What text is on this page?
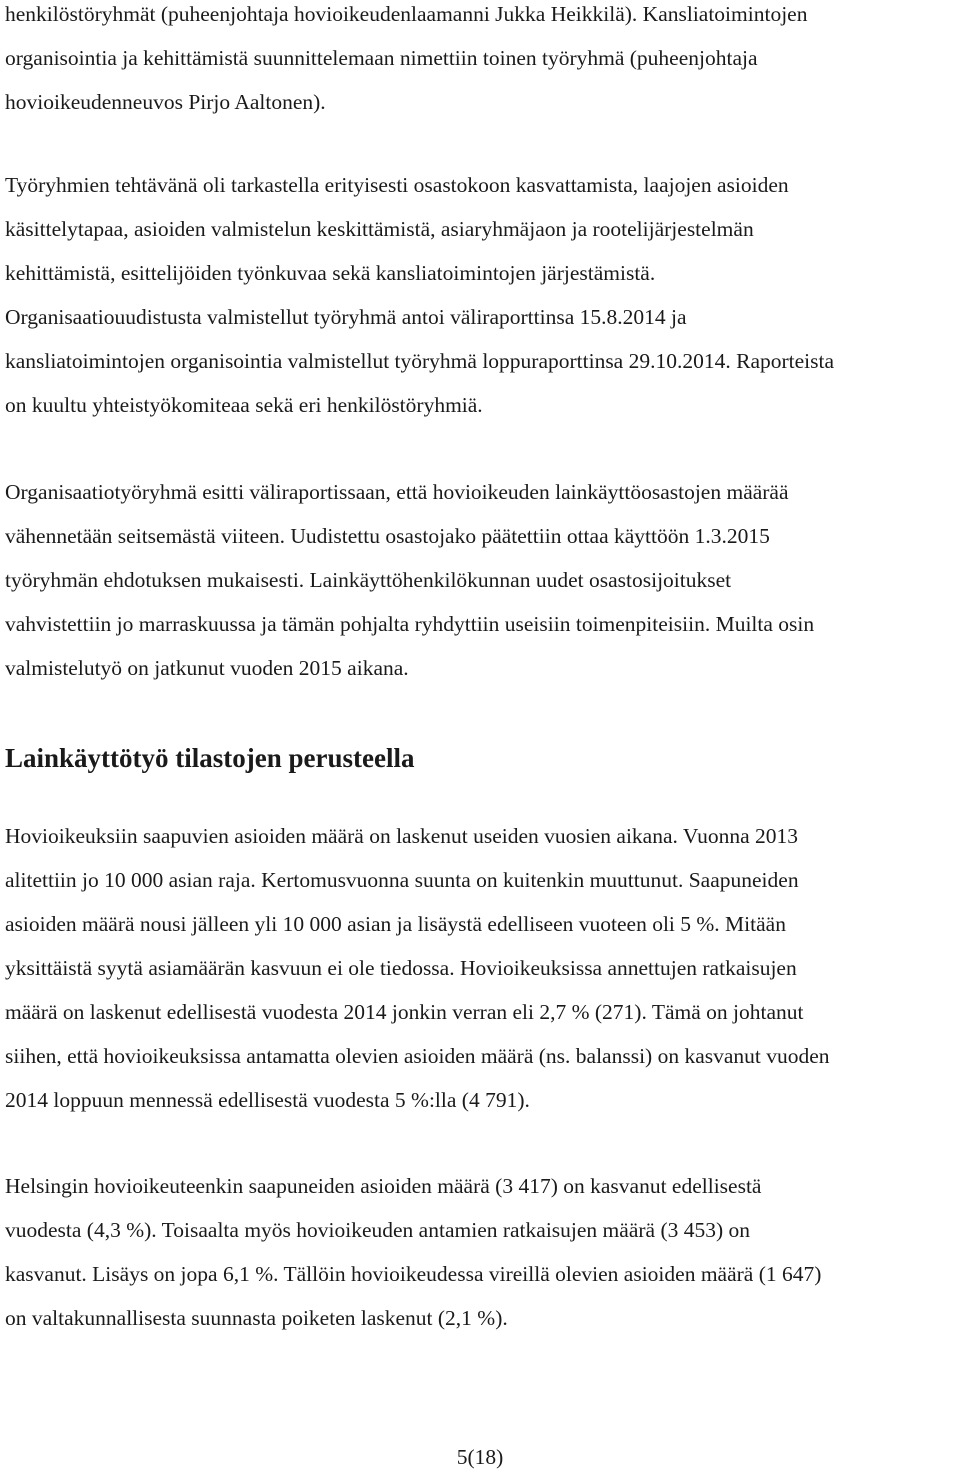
henkilöstöryhmät (puheenjohtaja hovioikeudenlaamanni Jukka Heikkilä). Kansliatoimintojen
organisointia ja kehittämistä suunnittelemaan nimettiin toinen työryhmä (puheenjohtaja
hovioikeudenneuvos Pirjo Aaltonen).

Työryhmien tehtävänä oli tarkastella erityisesti osastokoon kasvattamista, laajojen asioiden
käsittelytapaa, asioiden valmistelun keskittämistä, asiaryhmäjaon ja rootelijärjestelmän
kehittämistä, esittelijöiden työnkuvaa sekä kansliatoimintojen järjestämistä.
Organisaatiouudistusta valmistellut työryhmä antoi väliraporttinsa 15.8.2014 ja
kansliatoimintojen organisointia valmistellut työryhmä loppuraporttinsa 29.10.2014. Raporteista
on kuultu yhteistyökomiteaa sekä eri henkilöstöryhmiä.

Organisaatiotyöryhmä esitti väliraportissaan, että hovioikeuden lainkäyttöosastojen määrää
vähennetään seitsemästä viiteen. Uudistettu osastojako päätettiin ottaa käyttöön 1.3.2015
työryhmän ehdotuksen mukaisesti. Lainkäyttöhenkilökunnan uudet osastosijoitukset
vahvistettiin jo marraskuussa ja tämän pohjalta ryhdyttiin useisiin toimenpiteisiin. Muilta osin
valmistelutyö on jatkunut vuoden 2015 aikana.

Lainkäyttötyö tilastojen perusteella

Hovioikeuksiin saapuvien asioiden määrä on laskenut useiden vuosien aikana. Vuonna 2013
alitettiin jo 10 000 asian raja. Kertomusvuonna suunta on kuitenkin muuttunut. Saapuneiden
asioiden määrä nousi jälleen yli 10 000 asian ja lisäystä edelliseen vuoteen oli 5 %. Mitään
yksittäistä syytä asiamäärän kasvuun ei ole tiedossa. Hovioikeuksissa annettujen ratkaisujen
määrä on laskenut edellisestä vuodesta 2014 jonkin verran eli 2,7 % (271). Tämä on johtanut
siihen, että hovioikeuksissa antamatta olevien asioiden määrä (ns. balanssi) on kasvanut vuoden
2014 loppuun mennessä edellisestä vuodesta 5 %:lla (4 791).

Helsingin hovioikeuteenkin saapuneiden asioiden määrä (3 417) on kasvanut edellisestä
vuodesta (4,3 %). Toisaalta myös hovioikeuden antamien ratkaisujen määrä (3 453) on
kasvanut. Lisäys on jopa 6,1 %. Tällöin hovioikeudessa vireillä olevien asioiden määrä (1 647)
on valtakunnallisesta suunnasta poiketen laskenut (2,1 %).

5(18)
